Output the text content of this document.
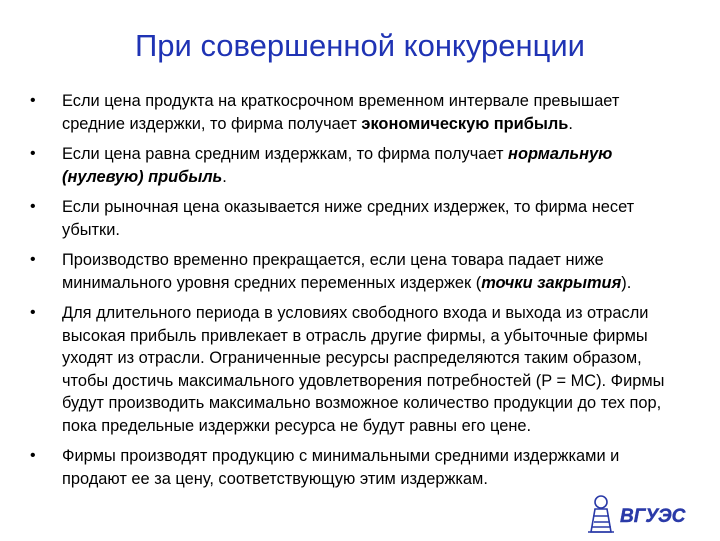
При совершенной конкуренции
• Если цена продукта на краткосрочном временном интервале превышает средние издержки, то фирма получает экономическую прибыль.
• Если цена равна средним издержкам, то фирма получает нормальную (нулевую) прибыль.
• Если рыночная цена оказывается ниже средних издержек, то фирма несет убытки.
• Производство временно прекращается, если цена товара падает ниже минимального уровня средних переменных издержек (точки закрытия).
• Для длительного периода в условиях свободного входа и выхода из отрасли высокая прибыль привлекает в отрасль другие фирмы, а убыточные фирмы уходят из отрасли. Ограниченные ресурсы распределяются таким образом, чтобы достичь максимального удовлетворения потребностей (P = MC). Фирмы будут производить максимально возможное количество продукции до тех пор, пока предельные издержки ресурса не будут равны его цене.
• Фирмы производят продукцию с минимальными средними издержками и продают ее за цену, соответствующую этим издержкам.
ВГУЭС
